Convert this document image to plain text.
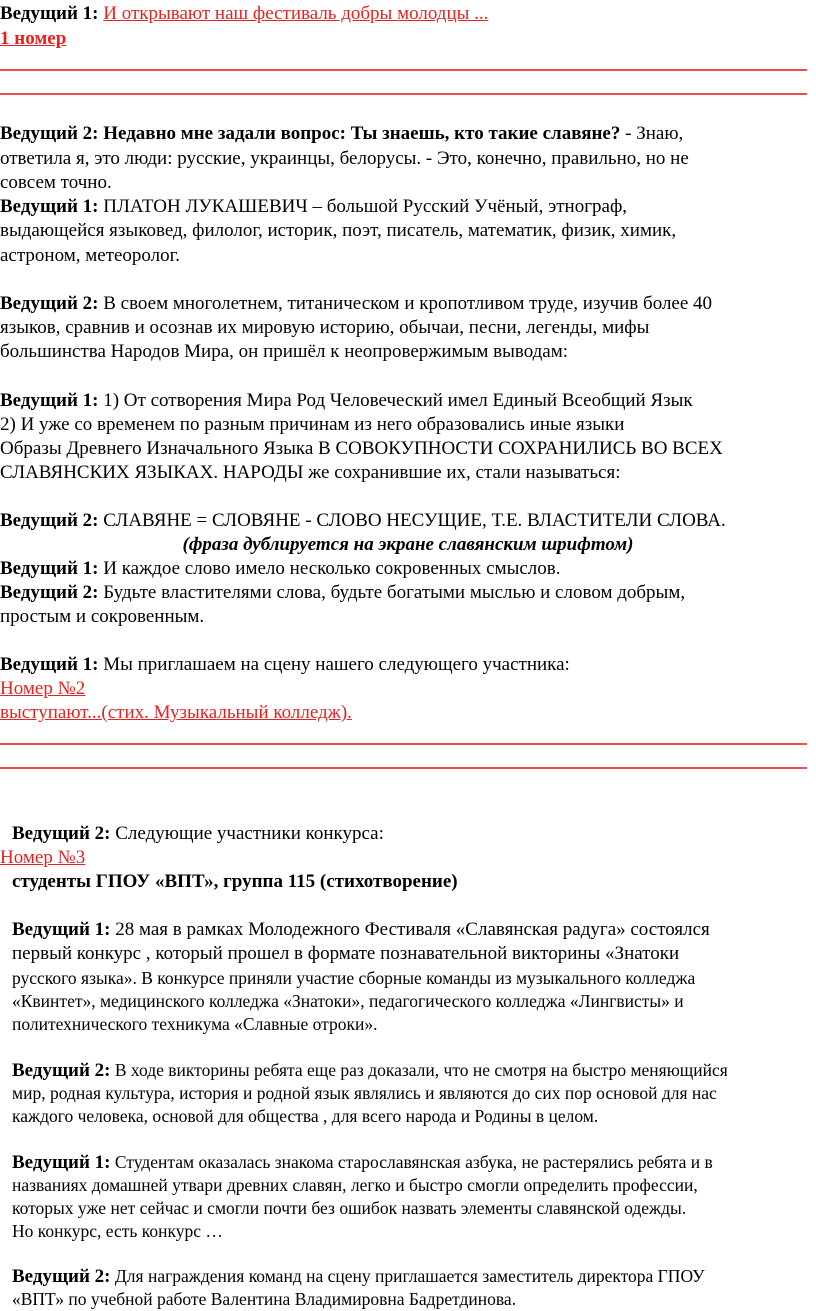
Ведущий 1: И открывают наш фестиваль добры молодцы ...
1 номер
Ведущий 2: Недавно мне задали вопрос: Ты знаешь, кто такие славяне? - Знаю,
ответила я, это люди: русские, украинцы, белорусы. - Это, конечно, правильно, но не
совсем точно.
Ведущий 1: ПЛАТОН ЛУКАШЕВИЧ – большой Русский Учёный, этнограф,
выдающейся языковед, филолог, историк, поэт, писатель, математик, физик, химик,
астроном, метеоролог.
Ведущий 2: В своем многолетнем, титаническом и кропотливом труде, изучив более 40
языков, сравнив и осознав их мировую историю, обычаи, песни, легенды, мифы
большинства Народов Мира, он пришёл к неопровержимым выводам:
Ведущий 1: 1) От сотворения Мира Род Человеческий имел Единый Всеобщий Язык
2) И уже со временем по разным причинам из него образовались иные языки
Образы Древнего Изначального Языка В СОВОКУПНОСТИ СОХРАНИЛИСЬ ВО ВСЕХ
СЛАВЯНСКИХ ЯЗЫКАХ. НАРОДЫ же сохранившие их, стали называться:
Ведущий 2: СЛАВЯНЕ = СЛОВЯНЕ - СЛОВО НЕСУЩИЕ, Т.Е. ВЛАСТИТЕЛИ СЛОВА.
(фраза дублируется на экране славянским шрифтом)
Ведущий 1: И каждое слово имело несколько сокровенных смыслов.
Ведущий 2: Будьте властителями слова, будьте богатыми мыслью и словом добрым,
простым и сокровенным.
Ведущий 1: Мы приглашаем на сцену нашего следующего участника:
Номер №2
выступают...(стих. Музыкальный колледж).
Ведущий 2: Следующие участники конкурса:
Номер №3
студенты ГПОУ «ВПТ», группа 115 (стихотворение)
Ведущий 1: 28 мая в рамках Молодежного Фестиваля «Славянская радуга» состоялся
первый конкурс , который прошел в формате познавательной викторины «Знатоки
русского языка». В конкурсе приняли участие сборные команды из музыкального колледжа
«Квинтет», медицинского колледжа «Знатоки», педагогического колледжа «Лингвисты» и
политехнического техникума «Славные отроки».
Ведущий 2: В ходе викторины ребята еще раз доказали, что не смотря на быстро меняющийся
мир, родная культура, история и родной язык являлись и являются до сих пор основой для нас
каждого человека, основой для общества , для всего народа и Родины в целом.
Ведущий 1: Студентам оказалась знакома старославянская азбука, не растерялись ребята и в
названиях домашней утвари древних славян, легко и быстро смогли определить профессии,
которых уже нет сейчас и смогли почти без ошибок назвать элементы славянской одежды.
Но конкурс, есть конкурс …
Ведущий 2: Для награждения команд на сцену приглашается заместитель директора ГПОУ
«ВПТ» по учебной работе Валентина Владимировна Бадретдинова.
